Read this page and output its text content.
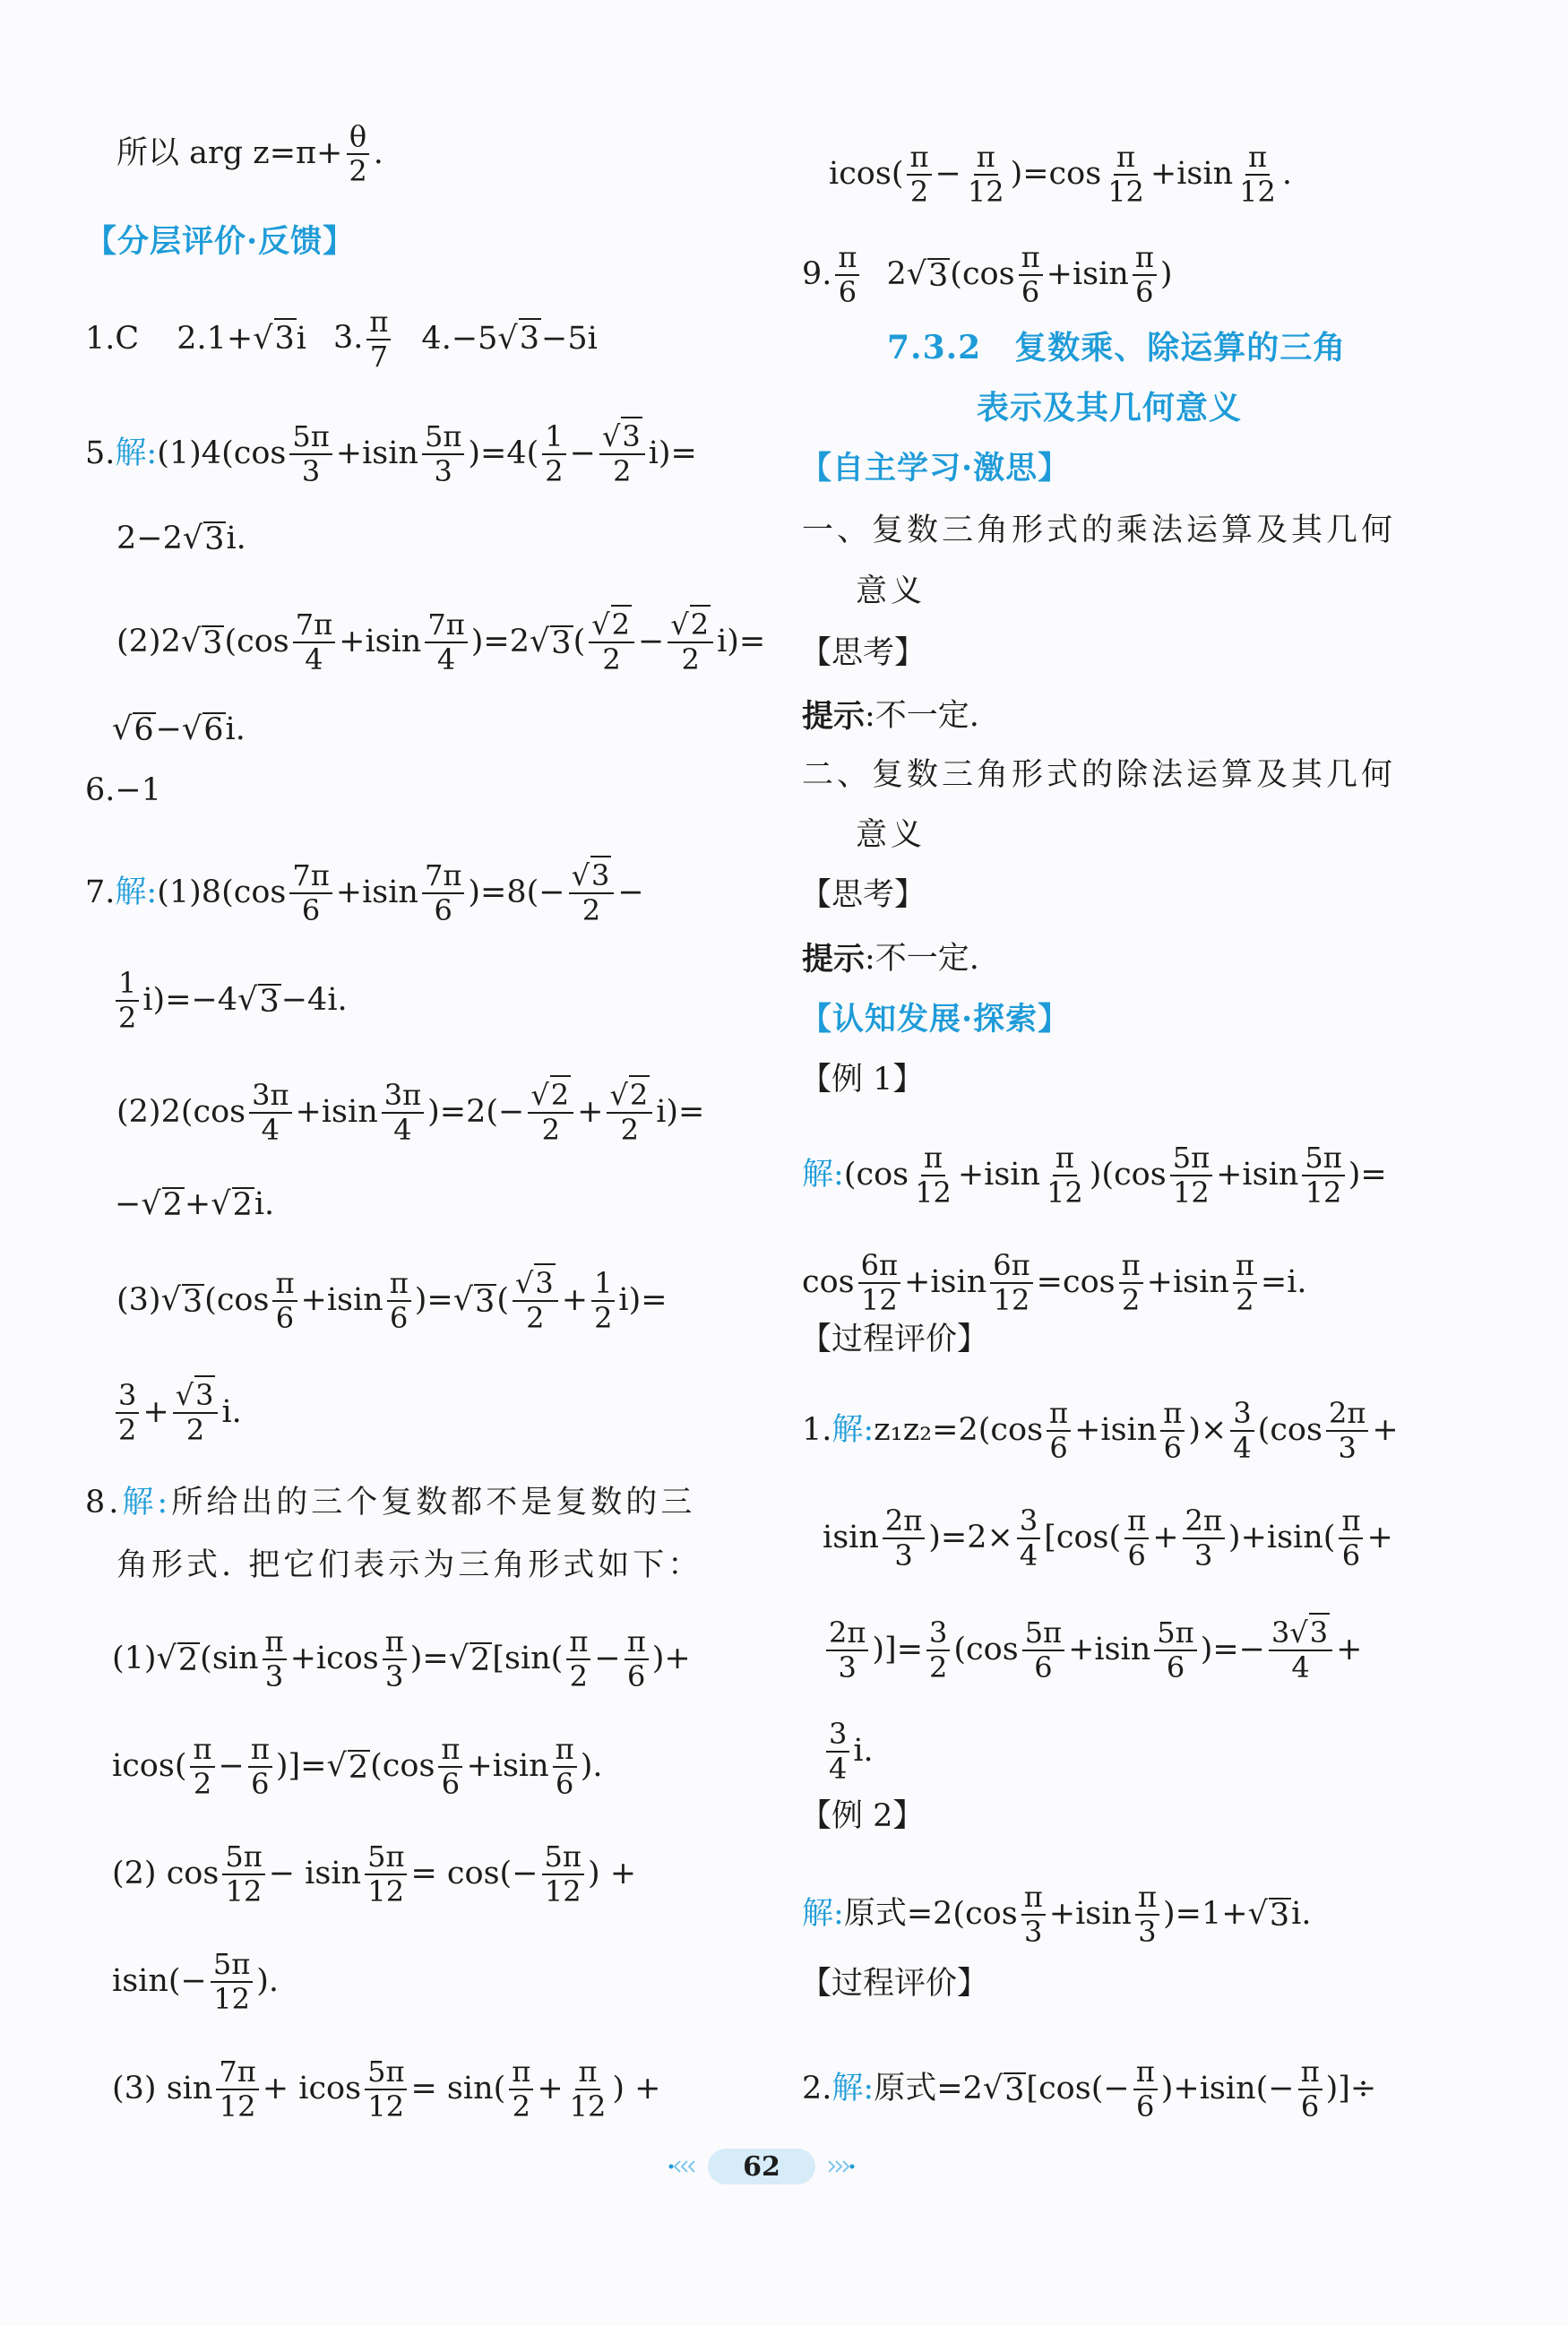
所以 arg $z=\pi+ \frac{\theta}{2}$ .
【分层评价·反馈】
1.C 2.1+√3i 3. $\frac{\pi}{7} 4.-5√3-5i$
5. 解 : (1)4(cos 5π
3 +isin 5π
3 )=4( 1
2 − √3
2 i)=
2−2√ 3 i.
(2)2√ 3 (cos 7π
4 +isin 7π
4 )=2√ 3 ( √2
2 − √2
2 i)=
√ 6 −√ 6 i.
6.−1
7. 解 : (1)8(cos 7π
6 +isin 7π
6 )=8(− √3
2 −
1
2 i)=−4√ 3 −4i.
(2)2(cos 3π
4 +isin 3π
4 )=2(− √2
2 + √2
2 i)=
−√ 2 +√ 2 i.
(3)√ 3 (cos π
6 +isin π
6 )=√ 3 ( √3
2 + 1
2 i)=
3
2 + √3
2 i.
8. 解 : 所给出的三个复数都不是复数的三
角形式. 把它们表示为三角形式如下：
(1)√ 2 (sin π
3 +icos π
3 )=√ 2 [sin( π
2 − π
6 )+
icos( π
2 − π
6 )]=√ 2 (cos π
6 +isin π
6 ).
(2) cos 5π
12 − isin 5π
12 = cos(− 5π
12 ) +
isin(− 5π
12 ).
(3) sin 7π
12 + icos 5π
12 = sin( π
2 + π
12 ) +
icos( π
2 − π
12 )=cos π
12 +isin π
12 .
9. π
6 2√ 3 (cos π
6 +isin π
6 )
7.3.2　复数乘、除运算的三角
表示及其几何意义
【自主学习·激思】
一、复数三角形式的乘法运算及其几何
意义
【思考】
提示 :不一定.
二、复数三角形式的除法运算及其几何
意义
【思考】
提示 :不一定.
【认知发展·探索】
【例 1】
解 : (cos π
12 +isin π
12 )(cos 5π
12 +isin 5π
12 )=
cos 6π
12 +isin 6π
12 =cos π
2 +isin π
2 =i.
【过程评价】
1. 解 : z₁z₂=2(cos π
6 +isin π
6 )× 3
4 (cos 2π
3 +
isin 2π
3 )=2× 3
4 [cos( π
6 + 2π
3 )+isin( π
6 +
2π
3 )]= 3
2 (cos 5π
6 +isin 5π
6 )=− 3√3
4 +
3
4 i.
【例 2】
解 : 原式 =2(cos π
3 +isin π
3 )=1+√ 3 i.
【过程评价】
2. 解 : 原式 =2√ 3 [cos(− π
6 )+isin(− π
6 )]÷
62
